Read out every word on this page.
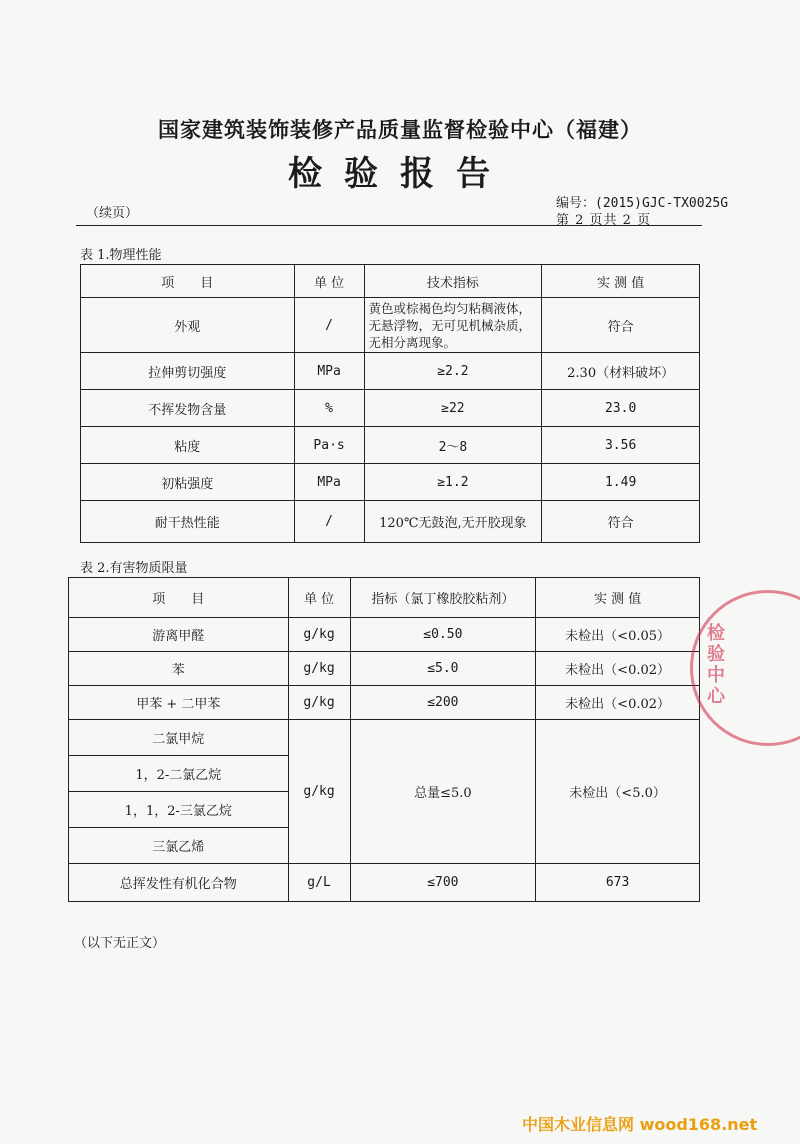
国家建筑装饰装修产品质量监督检验中心（福建）
检验报告
编号：(2015)GJC-TX0025G
（续页）	第 2 页共 2 页
表 1.物理性能
项　　目	单 位	技术指标	实 测 值
外观	/	黄色或棕褐色均匀粘稠液体，无悬浮物，无可见机械杂质，无相分离现象。	符合
拉伸剪切强度	MPa	≥2.2	2.30（材料破坏）
不挥发物含量	%	≥22	23.0
粘度	Pa·s	2～8	3.56
初粘强度	MPa	≥1.2	1.49
耐干热性能	/	120℃无鼓泡,无开胶现象	符合
表 2.有害物质限量
项　　目	单 位	指标（氯丁橡胶胶粘剂）	实 测 值
游离甲醛	g/kg	≤0.50	未检出（<0.05）
苯	g/kg	≤5.0	未检出（<0.02）
甲苯 + 二甲苯	g/kg	≤200	未检出（<0.02）
二氯甲烷	g/kg	总量≤5.0	未检出（<5.0）
1，2-二氯乙烷			
1，1，2-三氯乙烷			
三氯乙烯			
总挥发性有机化合物	g/L	≤700	673
（以下无正文）
检验中心
中国木业信息网 wood168.net
